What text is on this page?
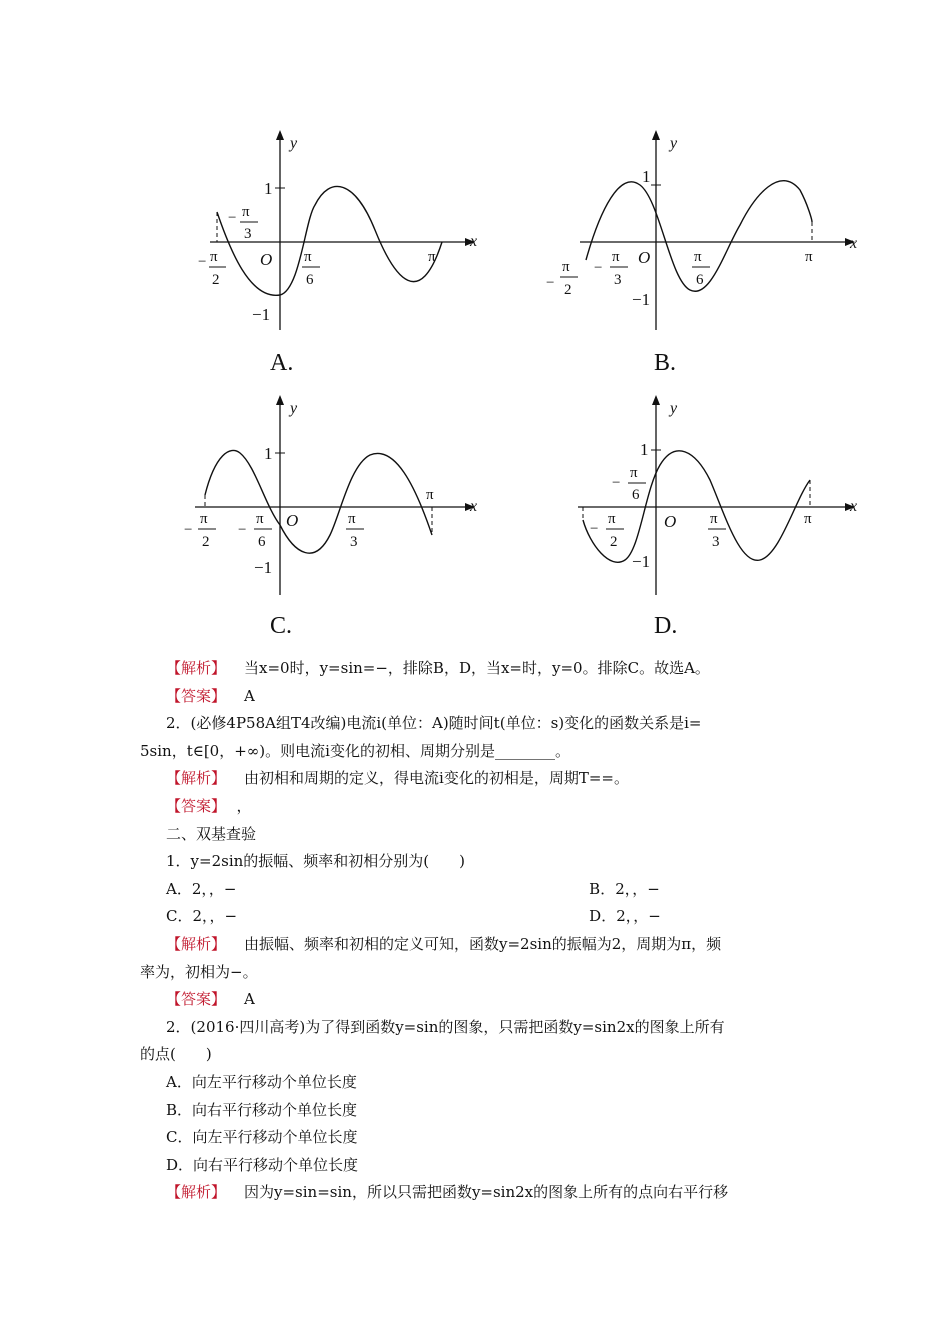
1
−1
y
x
O
− π
2
− π
3
π
6
π
A.
1
−1
y
x
O
−
π
2
−
π
3
π
6
π
B.
1
−1
y
x
O
−
π
2
−
π
6
π
3
π
C.
1
−1
y
x
O
−
π
2
−
π
6
π
3
π
D.
【解析】 当x=0时，y=sin=−，排除B，D，当x=时，y=0。排除C。故选A。
【答案】 A
2．(必修4P58A组T4改编)电流i(单位：A)随时间t(单位：s)变化的函数关系是i=
5sin，t∈[0，+∞)。则电流i变化的初相、周期分别是________。
【解析】 由初相和周期的定义，得电流i变化的初相是，周期T==。
【答案】 ，
二、双基查验
1．y=2sin的振幅、频率和初相分别为(　　)
A．2，，−	B．2，，−
C．2，，−	D．2，，−
【解析】 由振幅、频率和初相的定义可知，函数y=2sin的振幅为2，周期为π，频
率为，初相为−。
【答案】 A
2．(2016·四川高考)为了得到函数y=sin的图象，只需把函数y=sin2x的图象上所有
的点(　　)
A．向左平行移动个单位长度
B．向右平行移动个单位长度
C．向左平行移动个单位长度
D．向右平行移动个单位长度
【解析】 因为y=sin=sin，所以只需把函数y=sin2x的图象上所有的点向右平行移
